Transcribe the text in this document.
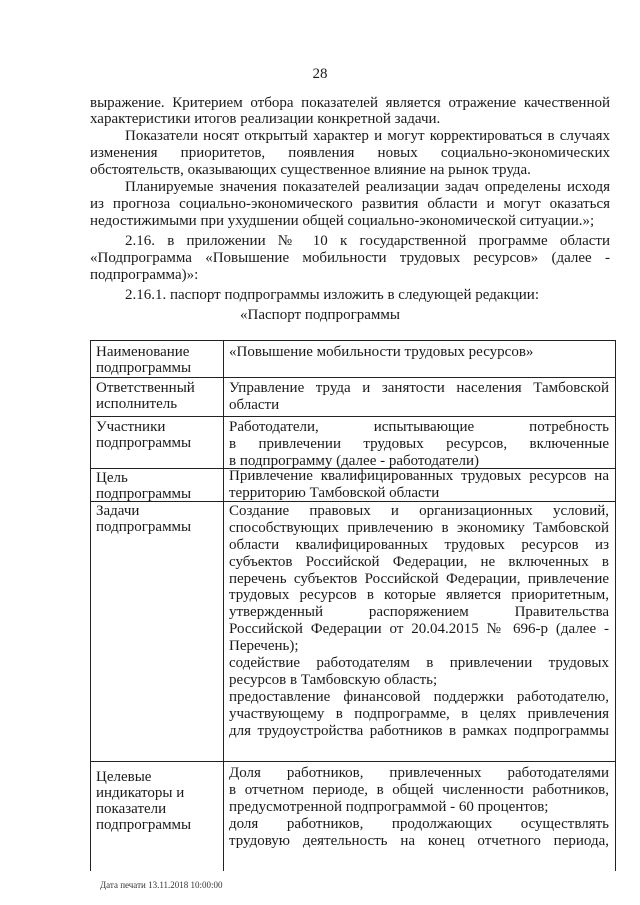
28
выражение. Критерием отбора показателей является отражение качественной
характеристики итогов реализации конкретной задачи.
Показатели носят открытый характер и могут корректироваться в случаях
изменения приоритетов, появления новых социально-экономических
обстоятельств, оказывающих существенное влияние на рынок труда.
Планируемые значения показателей реализации задач определены исходя
из прогноза социально-экономического развития области и могут оказаться
недостижимыми при ухудшении общей социально-экономической ситуации.»;
2.16. в приложении № 10 к государственной программе области
«Подпрограмма «Повышение мобильности трудовых ресурсов» (далее -
подпрограмма)»:
2.16.1. паспорт подпрограммы изложить в следующей редакции:
«Паспорт подпрограммы
Наименование подпрограммы
«Повышение мобильности трудовых ресурсов»
Ответственный исполнитель
Управление труда и занятости населения Тамбовской
области
Участники подпрограммы
Работодатели, испытывающие потребность
в привлечении трудовых ресурсов, включенные
в подпрограмму (далее - работодатели)
Цель подпрограммы
Привлечение квалифицированных трудовых ресурсов на
территорию Тамбовской области
Задачи подпрограммы
Создание правовых и организационных условий,
способствующих привлечению в экономику Тамбовской
области квалифицированных трудовых ресурсов из
субъектов Российской Федерации, не включенных в
перечень субъектов Российской Федерации, привлечение
трудовых ресурсов в которые является приоритетным,
утвержденный распоряжением Правительства
Российской Федерации от 20.04.2015 № 696-р (далее -
Перечень);
содействие работодателям в привлечении трудовых
ресурсов в Тамбовскую область;
предоставление финансовой поддержки работодателю,
участвующему в подпрограмме, в целях привлечения
для трудоустройства работников в рамках подпрограммы
Целевые индикаторы и показатели подпрограммы
Доля работников, привлеченных работодателями
в отчетном периоде, в общей численности работников,
предусмотренной подпрограммой - 60 процентов;
доля работников, продолжающих осуществлять
трудовую деятельность на конец отчетного периода,
Дата печати 13.11.2018 10:00:00
